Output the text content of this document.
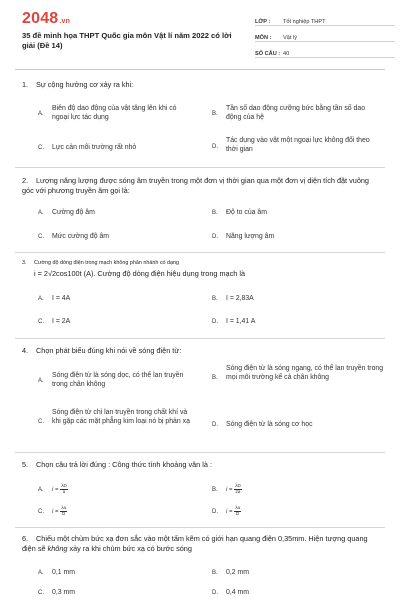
2048.vn
35 đề minh họa THPT Quốc gia môn Vật lí năm 2022 có lời giải (Đề 14)
LỚP :	Tốt nghiệp THPT
MÔN :	Vật lý
SỐ CÂU : 40
1. Sự cộng hưởng cơ xảy ra khi:
A.
Biên độ dao động của vật tăng lên khi có ngoại lực tác dụng
B.
Tần số dao động cưỡng bức bằng tần số dao động của hệ
C. Lực cản môi trường rất nhỏ	D.
Tác dụng vào vật một ngoại lực không đổi theo thời gian
2. Lượng năng lượng được sóng âm truyền trong một đơn vị thời gian qua một đơn vị diện tích đặt vuông góc với phương truyền âm gọi là:
A. Cường độ âm	B. Độ to của âm
C. Mức cường độ âm	D. Năng lượng âm
3. Cường độ dòng điện trong mạch không phân nhánh có dạng
i = 2√2cos100t (A). Cường độ dòng điện hiệu dụng trong mạch là
A. I = 4A	B. I = 2,83A
C. I = 2A	D. I = 1,41 A
4. Chọn phát biểu đúng khi nói về sóng điện từ:
A.
Sóng điện từ là sóng dọc, có thể lan truyền trong chân không
B.
Sóng điện từ là sóng ngang, có thể lan truyền trong mọi môi trường kể cả chân không
C.
Sóng điện từ chỉ lan truyền trong chất khí và khi gặp các mặt phẳng kim loại nó bị phản xạ	D. Sóng điện từ là sóng cơ học
5. Chọn câu trả lời đúng : Công thức tính khoảng vân là :
A. $i = \frac{\lambda D}{a}$	B. $i = \frac{\lambda D}{2a}$
C. $i = \frac{\lambda a}{D}$	D. $i = \frac{\lambda a}{D}$
6. Chiếu một chùm bức xạ đơn sắc vào một tấm kẽm có giới hạn quang điện 0,35mm. Hiện tượng quang điện sẽ không xảy ra khi chùm bức xạ có bước sóng
A. 0,1 mm	B. 0,2 mm
C. 0,3 mm	D. 0,4 mm
